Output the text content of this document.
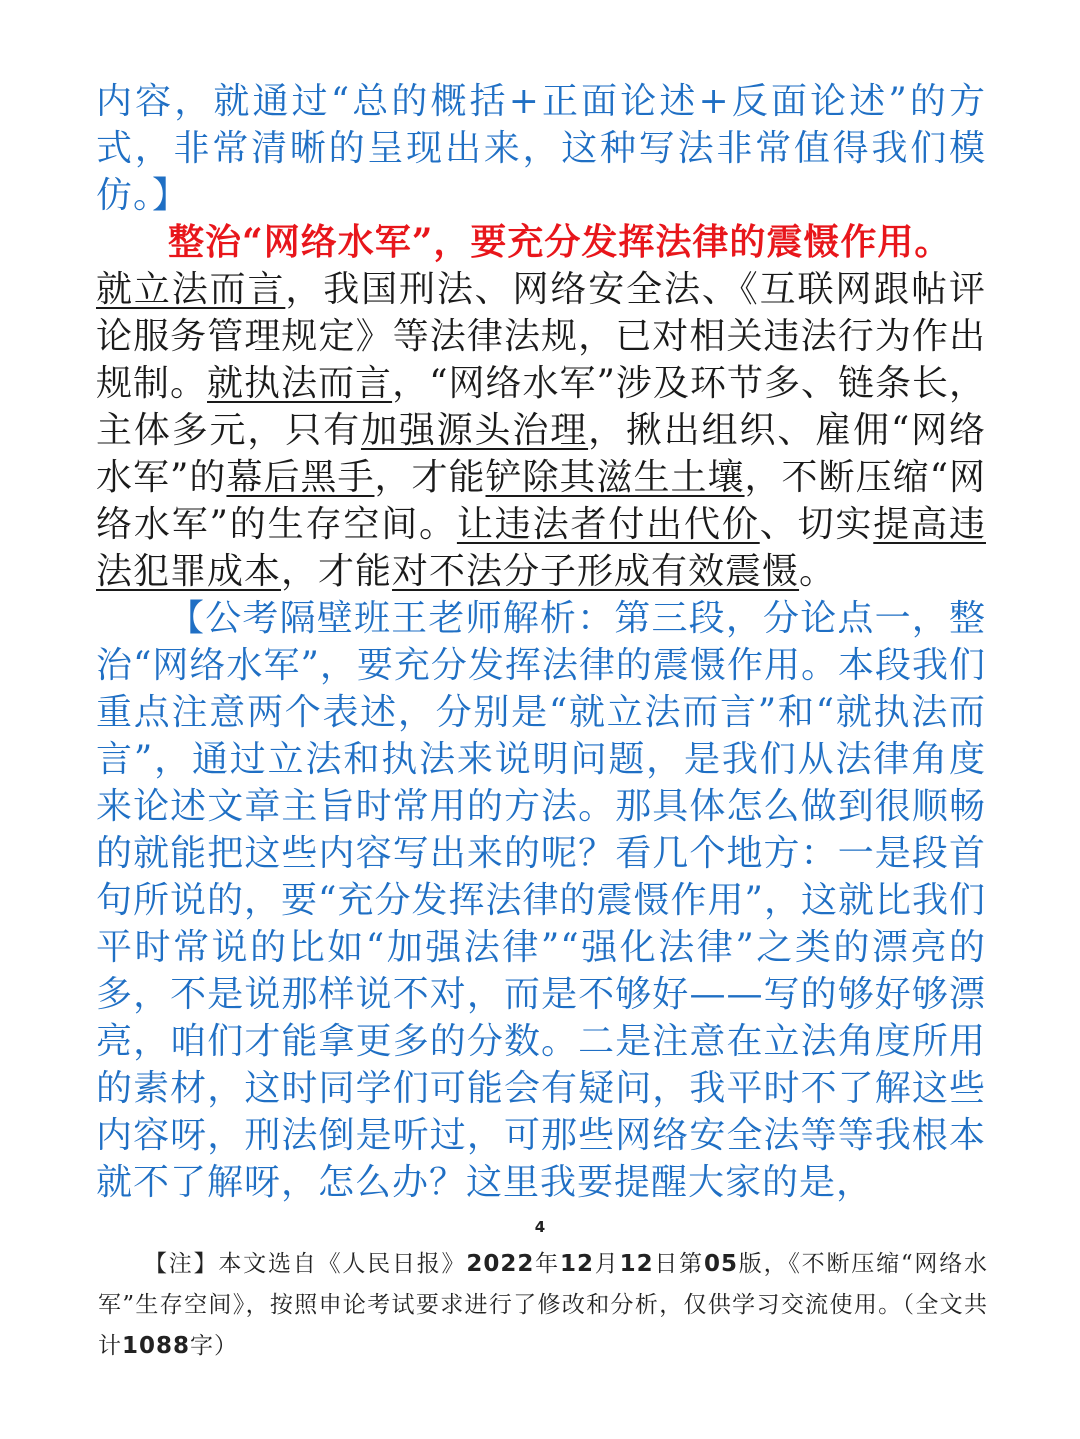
内容，就通过“总的概括+正面论述+反面论述”的方式，非常清晰的呈现出来，这种写法非常值得我们模仿。】

整治“网络水军”，要充分发挥法律的震慑作用。

就立法而言，我国刑法、网络安全法、《互联网跟帖评论服务管理规定》等法律法规，已对相关违法行为作出规制。就执法而言，“网络水军”涉及环节多、链条长，主体多元，只有加强源头治理，揪出组织、雇佣“网络水军”的幕后黑手，才能铲除其滋生土壤，不断压缩“网络水军”的生存空间。让违法者付出代价、切实提高违法犯罪成本，才能对不法分子形成有效震慑。

【公考隔壁班王老师解析：第三段，分论点一，整治“网络水军”，要充分发挥法律的震慑作用。本段我们重点注意两个表述，分别是“就立法而言”和“就执法而言”，通过立法和执法来说明问题，是我们从法律角度来论述文章主旨时常用的方法。那具体怎么做到很顺畅的就能把这些内容写出来的呢？看几个地方：一是段首句所说的，要“充分发挥法律的震慑作用”，这就比我们平时常说的比如“加强法律”“强化法律”之类的漂亮的多，不是说那样说不对，而是不够好——写的够好够漂亮，咱们才能拿更多的分数。二是注意在立法角度所用的素材，这时同学们可能会有疑问，我平时不了解这些内容呀，刑法倒是听过，可那些网络安全法等等我根本就不了解呀，怎么办？这里我要提醒大家的是，

4

【注】本文选自《人民日报》2022年12月12日第05版，《不断压缩“网络水军”生存空间》，按照申论考试要求进行了修改和分析，仅供学习交流使用。（全文共计1088字）
